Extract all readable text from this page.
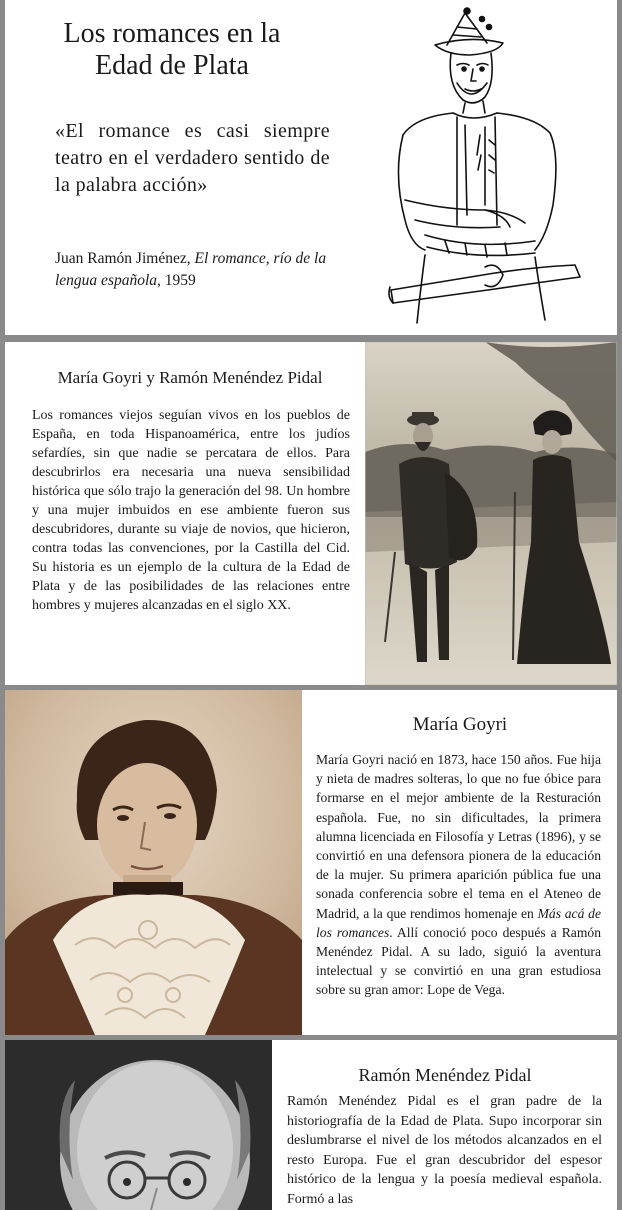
Los romances en la
Edad de Plata

«El romance es casi siempre teatro en el verdadero sentido de la palabra acción»

Juan Ramón Jiménez, El romance, río de la lengua española, 1959

María Goyri y Ramón Menéndez Pidal

Los romances viejos seguían vivos en los pueblos de España, en toda Hispanoamérica, entre los judíos sefardíes, sin que nadie se percatara de ellos. Para descubrirlos era necesaria una nueva sensibilidad histórica que sólo trajo la generación del 98. Un hombre y una mujer imbuidos en ese ambiente fueron sus descubridores, durante su viaje de novios, que hicieron, contra todas las convenciones, por la Castilla del Cid. Su historia es un ejemplo de la cultura de la Edad de Plata y de las posibilidades de las relaciones entre hombres y mujeres alcanzadas en el siglo XX.

María Goyri

María Goyri nació en 1873, hace 150 años. Fue hija y nieta de madres solteras, lo que no fue óbice para formarse en el mejor ambiente de la Resturación española. Fue, no sin dificultades, la primera alumna licenciada en Filosofía y Letras (1896), y se convirtió en una defensora pionera de la educación de la mujer. Su primera aparición pública fue una sonada conferencia sobre el tema en el Ateneo de Madrid, a la que rendimos homenaje en Más acá de los romances. Allí conoció poco después a Ramón Menéndez Pidal. A su lado, siguió la aventura intelectual y se convirtió en una gran estudiosa sobre su gran amor: Lope de Vega.

Ramón Menéndez Pidal

Ramón Menéndez Pidal es el gran padre de la historiografía de la Edad de Plata. Supo incorporar sin deslumbrarse el nivel de los métodos alcanzados en el resto Europa. Fue el gran descubridor del espesor histórico de la lengua y la poesía medieval española. Formó a las
